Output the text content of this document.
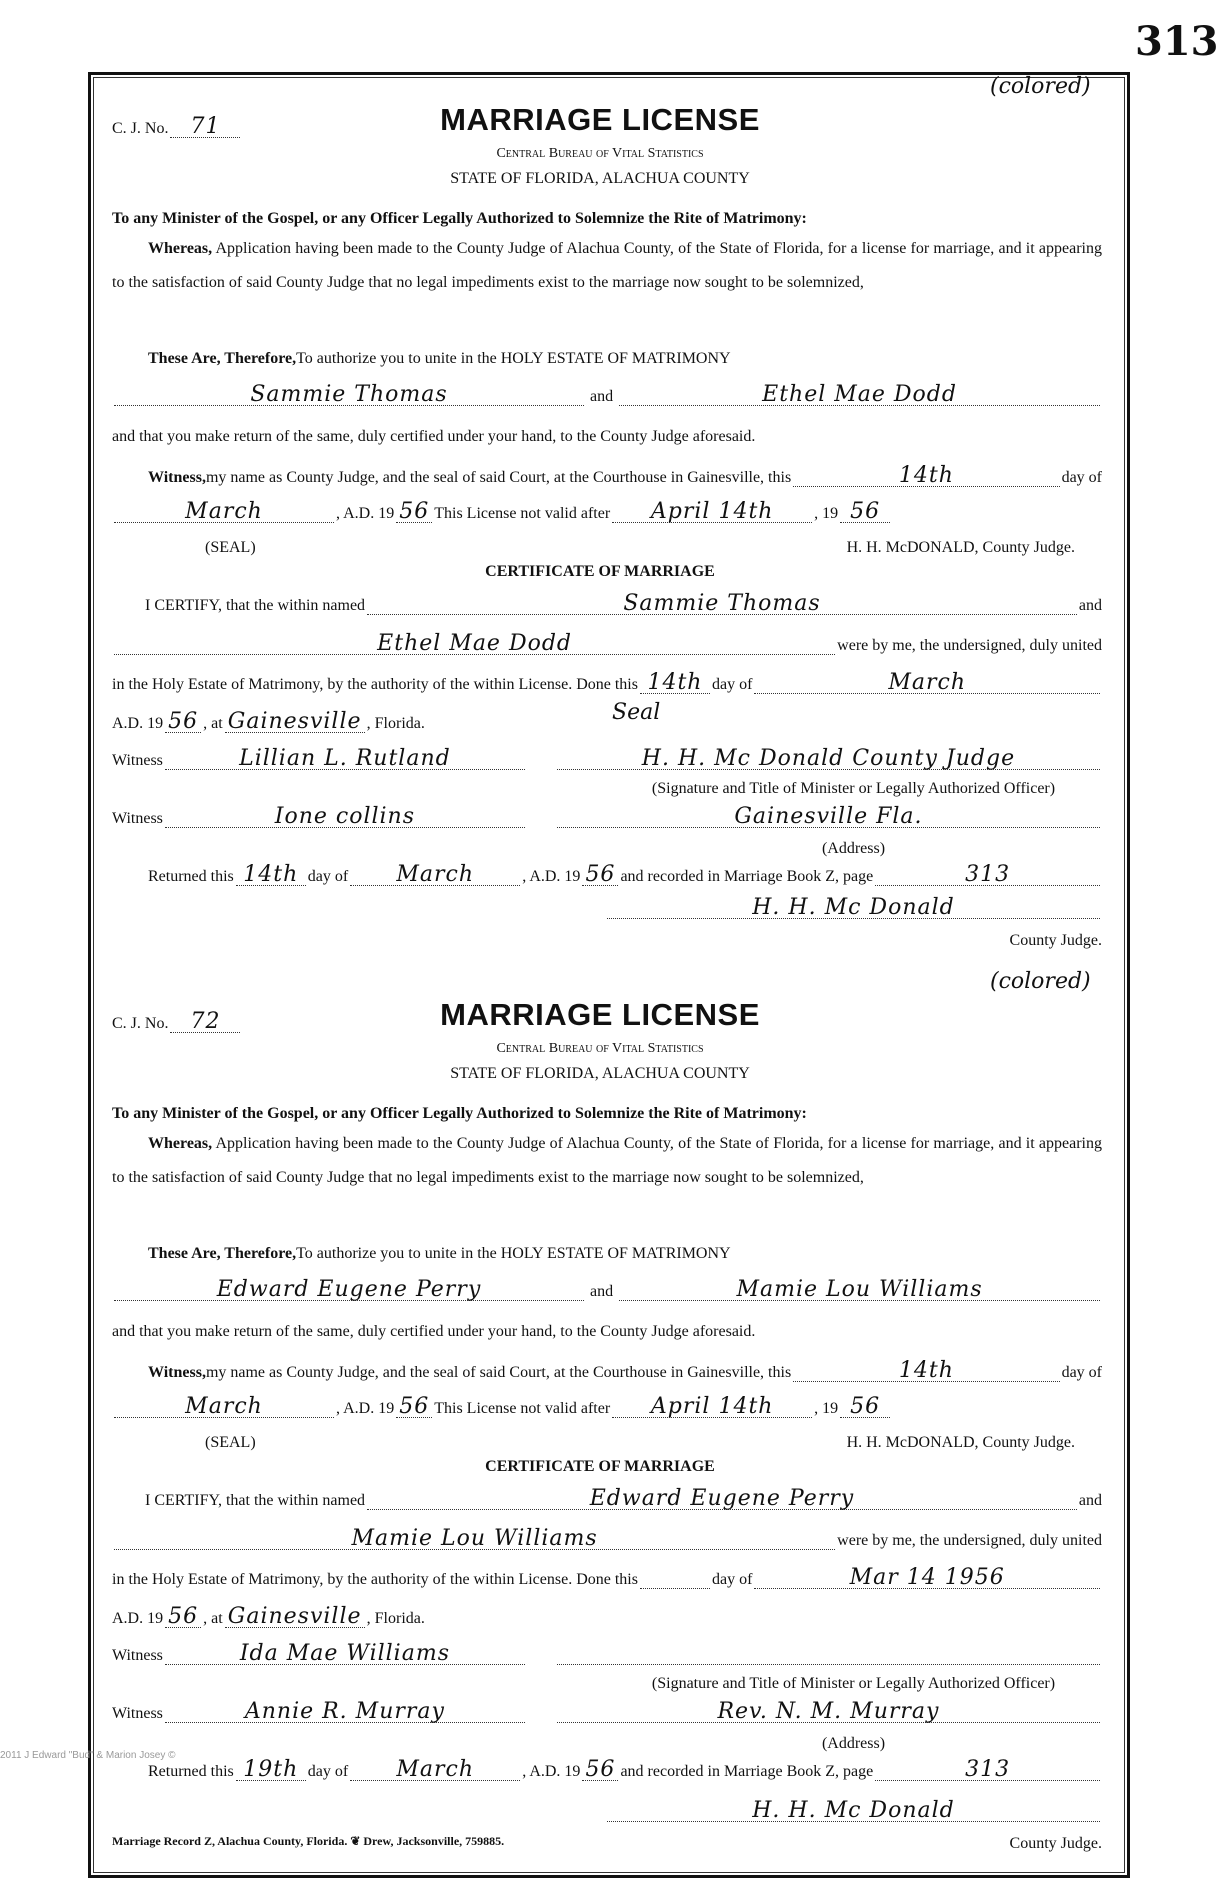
313
(colored)
C. J. No.	71	MARRIAGE LICENSE
Central Bureau of Vital Statistics
STATE OF FLORIDA, ALACHUA COUNTY
To any Minister of the Gospel, or any Officer Legally Authorized to Solemnize the Rite of Matrimony:
Whereas, Application having been made to the County Judge of Alachua County, of the State of Florida, for a license for marriage, and it appearing to the satisfaction of said County Judge that no legal impediments exist to the marriage now sought to be solemnized,
These Are, Therefore, To authorize you to unite in the HOLY ESTATE OF MATRIMONY
Sammie Thomas
	and
	Ethel Mae Dodd
and that you make return of the same, duly certified under your hand, to the County Judge aforesaid.
Witness, my name as County Judge, and the seal of said Court, at the Courthouse in Gainesville, this	14th	day of
March	, A.D. 19 56 This License not valid after	April 14th	, 19 56
(SEAL)	H. H. McDONALD, County Judge.
CERTIFICATE OF MARRIAGE
I CERTIFY, that the within named	Sammie Thomas	and
Ethel Mae Dodd	were by me, the undersigned, duly united
in the Holy Estate of Matrimony, by the authority of the within License. Done this 14th day of	March
A.D. 19 56 , at Gainesville , Florida.	Seal
Witness	Lillian L. Rutland	H. H. Mc Donald County Judge
(Signature and Title of Minister or Legally Authorized Officer)
Witness	Ione collins	Gainesville Fla.
(Address)
Returned this 14th day of	March	, A.D. 19 56 and recorded in Marriage Book Z, page	313
H. H. Mc Donald
County Judge.
(colored)
C. J. No.	72	MARRIAGE LICENSE
Central Bureau of Vital Statistics
STATE OF FLORIDA, ALACHUA COUNTY
To any Minister of the Gospel, or any Officer Legally Authorized to Solemnize the Rite of Matrimony:
Whereas, Application having been made to the County Judge of Alachua County, of the State of Florida, for a license for marriage, and it appearing to the satisfaction of said County Judge that no legal impediments exist to the marriage now sought to be solemnized,
These Are, Therefore, To authorize you to unite in the HOLY ESTATE OF MATRIMONY
Edward Eugene Perry
	and
	Mamie Lou Williams
and that you make return of the same, duly certified under your hand, to the County Judge aforesaid.
Witness, my name as County Judge, and the seal of said Court, at the Courthouse in Gainesville, this	14th	day of
March	, A.D. 19 56 This License not valid after	April 14th	, 19 56
(SEAL)	H. H. McDONALD, County Judge.
CERTIFICATE OF MARRIAGE
I CERTIFY, that the within named	Edward Eugene Perry	and
Mamie Lou Williams	were by me, the undersigned, duly united
in the Holy Estate of Matrimony, by the authority of the within License. Done this	day of	Mar 14 1956
A.D. 19 56 , at Gainesville , Florida.
Witness	Ida Mae Williams
(Signature and Title of Minister or Legally Authorized Officer)
Witness	Annie R. Murray	Rev. N. M. Murray
(Address)
Returned this 19th day of	March	, A.D. 19 56 and recorded in Marriage Book Z, page	313
H. H. Mc Donald
County Judge.
2011 J Edward "Bud" & Marion Josey ©
Marriage Record Z, Alachua County, Florida. ❦ Drew, Jacksonville, 759885.
